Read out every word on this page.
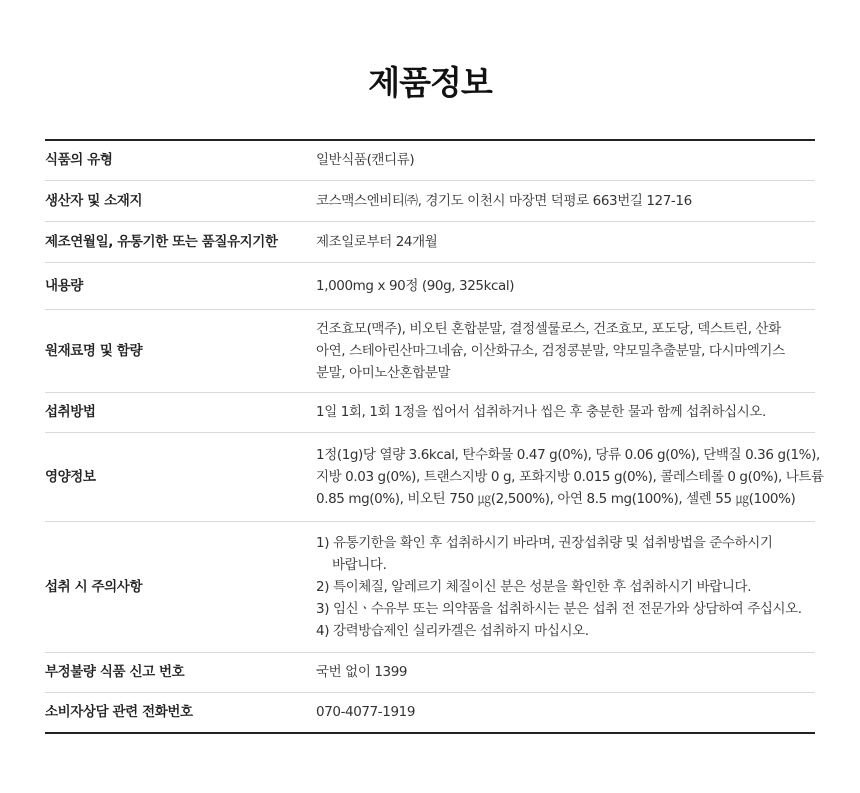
제품정보
식품의 유형	일반식품(캔디류)

생산자 및 소재지	코스맥스엔비티㈜, 경기도 이천시 마장면 덕평로 663번길 127-16

제조연월일, 유통기한 또는 품질유지기한	제조일로부터 24개월

내용량	1,000mg x 90정 (90g, 325kcal)

원재료명 및 함량	건조효모(맥주), 비오틴 혼합분말, 결정셀룰로스, 건조효모, 포도당, 덱스트린, 산화
아연, 스테아린산마그네슘, 이산화규소, 검정콩분말, 약모밀추출분말, 다시마엑기스
분말, 아미노산혼합분말

섭취방법	1일 1회, 1회 1정을 씹어서 섭취하거나 씹은 후 충분한 물과 함께 섭취하십시오.

영양정보	1정(1g)당 열량 3.6kcal, 탄수화물 0.47 g(0%), 당류 0.06 g(0%), 단백질 0.36 g(1%),
지방 0.03 g(0%), 트랜스지방 0 g, 포화지방 0.015 g(0%), 콜레스테롤 0 g(0%), 나트륨
0.85 mg(0%), 비오틴 750 ㎍(2,500%), 아연 8.5 mg(100%), 셀렌 55 ㎍(100%)

섭취 시 주의사항	1) 유통기한을 확인 후 섭취하시기 바라며, 권장섭취량 및 섭취방법을 준수하시기
바랍니다.
2) 특이체질, 알레르기 체질이신 분은 성분을 확인한 후 섭취하시기 바랍니다.
3) 임신ㆍ수유부 또는 의약품을 섭취하시는 분은 섭취 전 전문가와 상담하여 주십시오.
4) 강력방습제인 실리카겔은 섭취하지 마십시오.

부정불량 식품 신고 번호	국번 없이 1399

소비자상담 관련 전화번호	070-4077-1919
